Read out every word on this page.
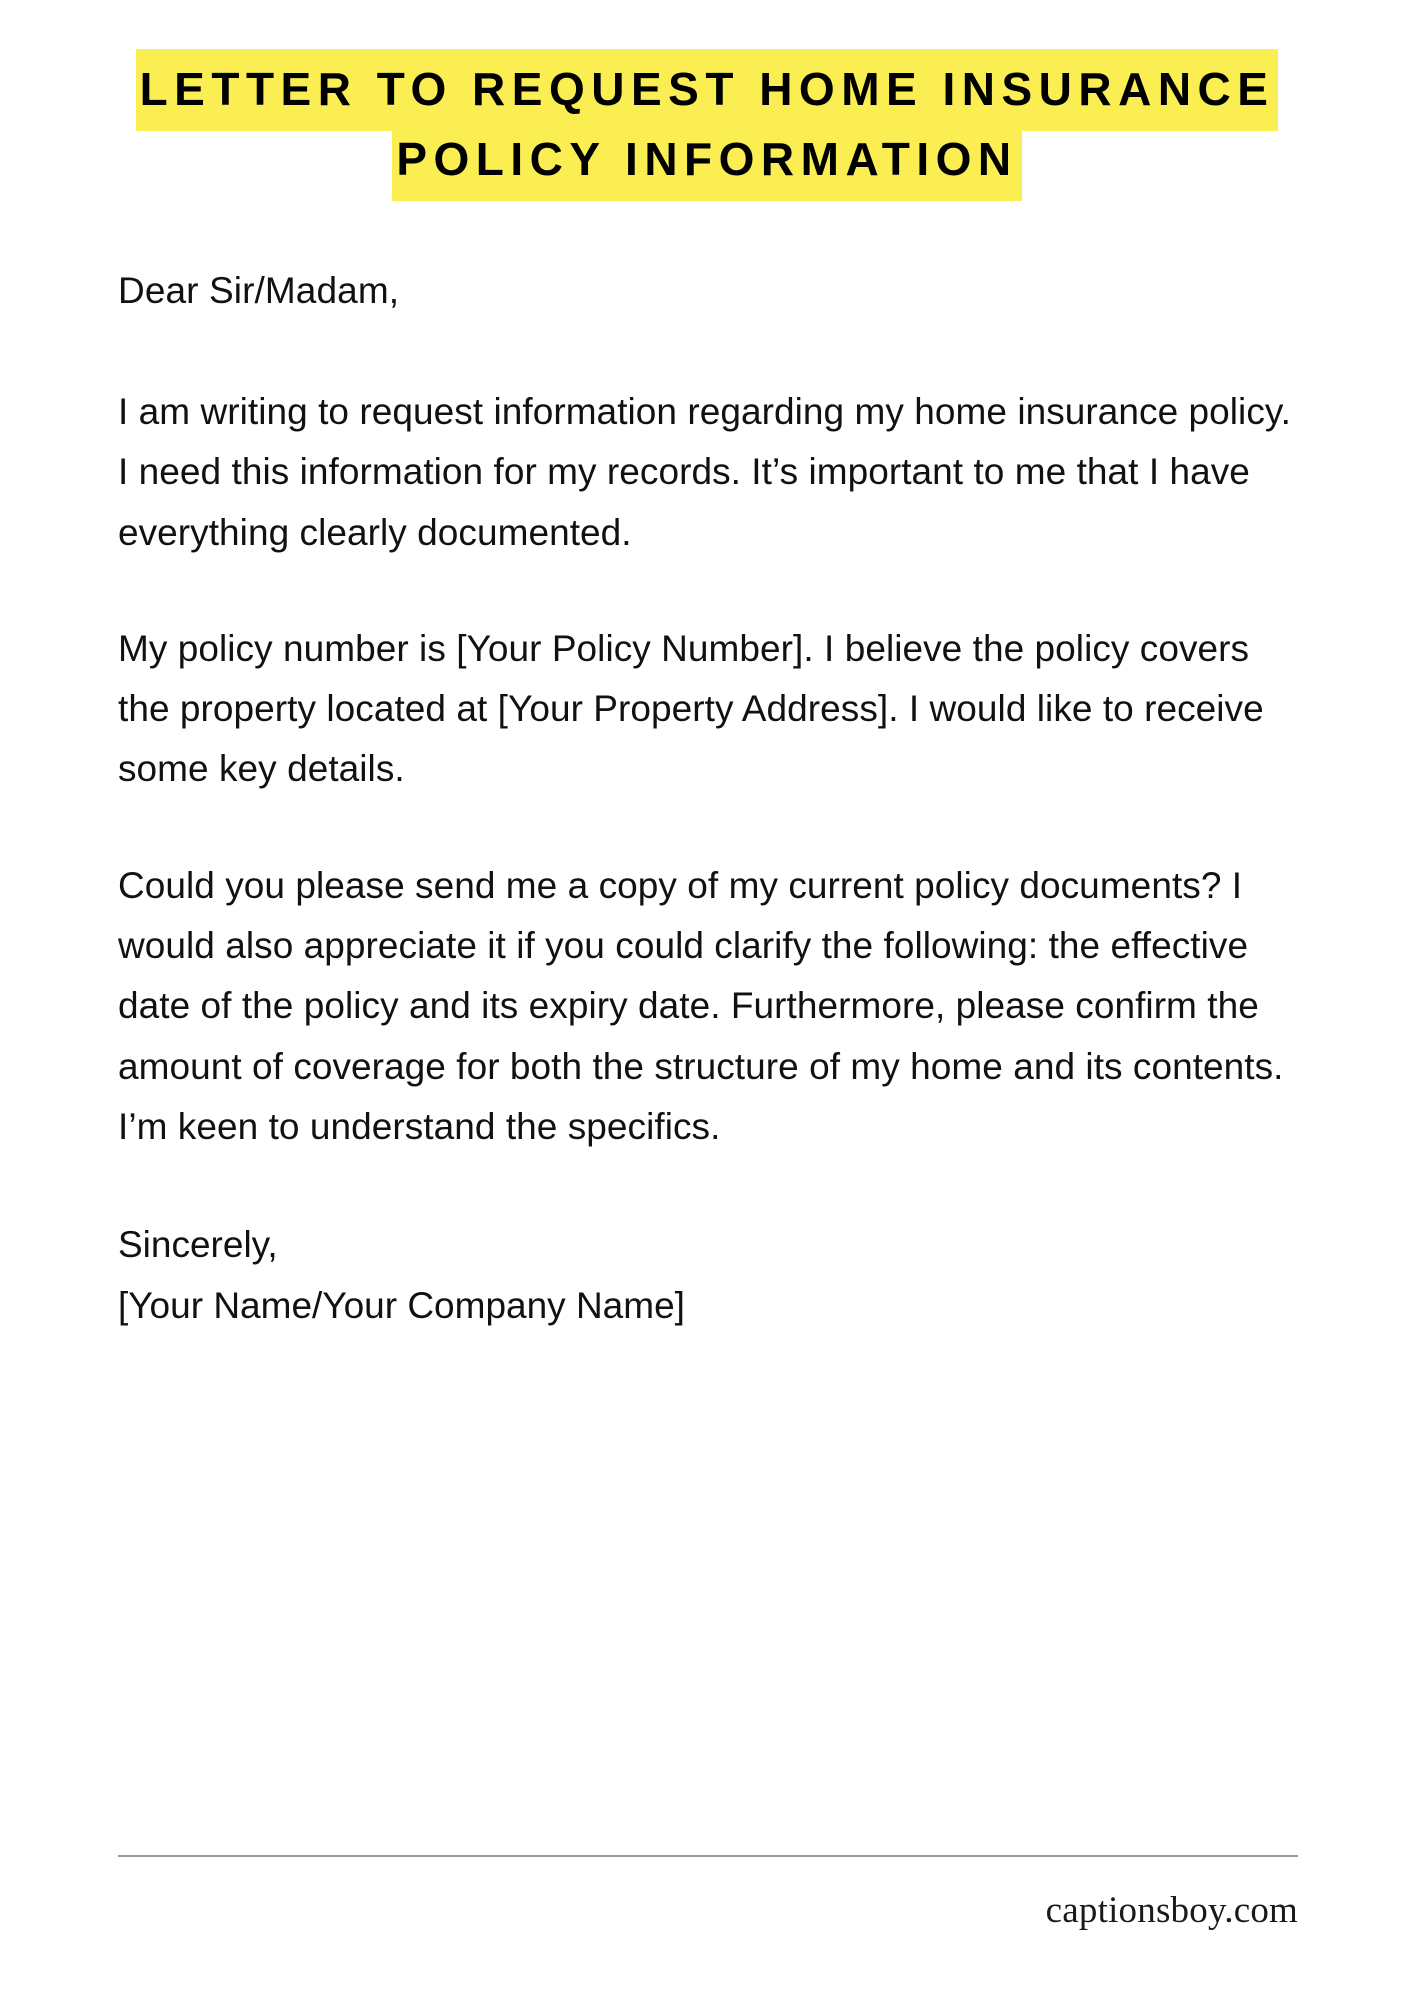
LETTER TO REQUEST HOME INSURANCE
POLICY INFORMATION

Dear Sir/Madam,

I am writing to request information regarding my home insurance policy. I need this information for my records. It’s important to me that I have everything clearly documented.

My policy number is [Your Policy Number]. I believe the policy covers the property located at [Your Property Address]. I would like to receive some key details.

Could you please send me a copy of my current policy documents? I would also appreciate it if you could clarify the following: the effective date of the policy and its expiry date. Furthermore, please confirm the amount of coverage for both the structure of my home and its contents. I’m keen to understand the specifics.

Sincerely,

[Your Name/Your Company Name]

captionsboy.com
